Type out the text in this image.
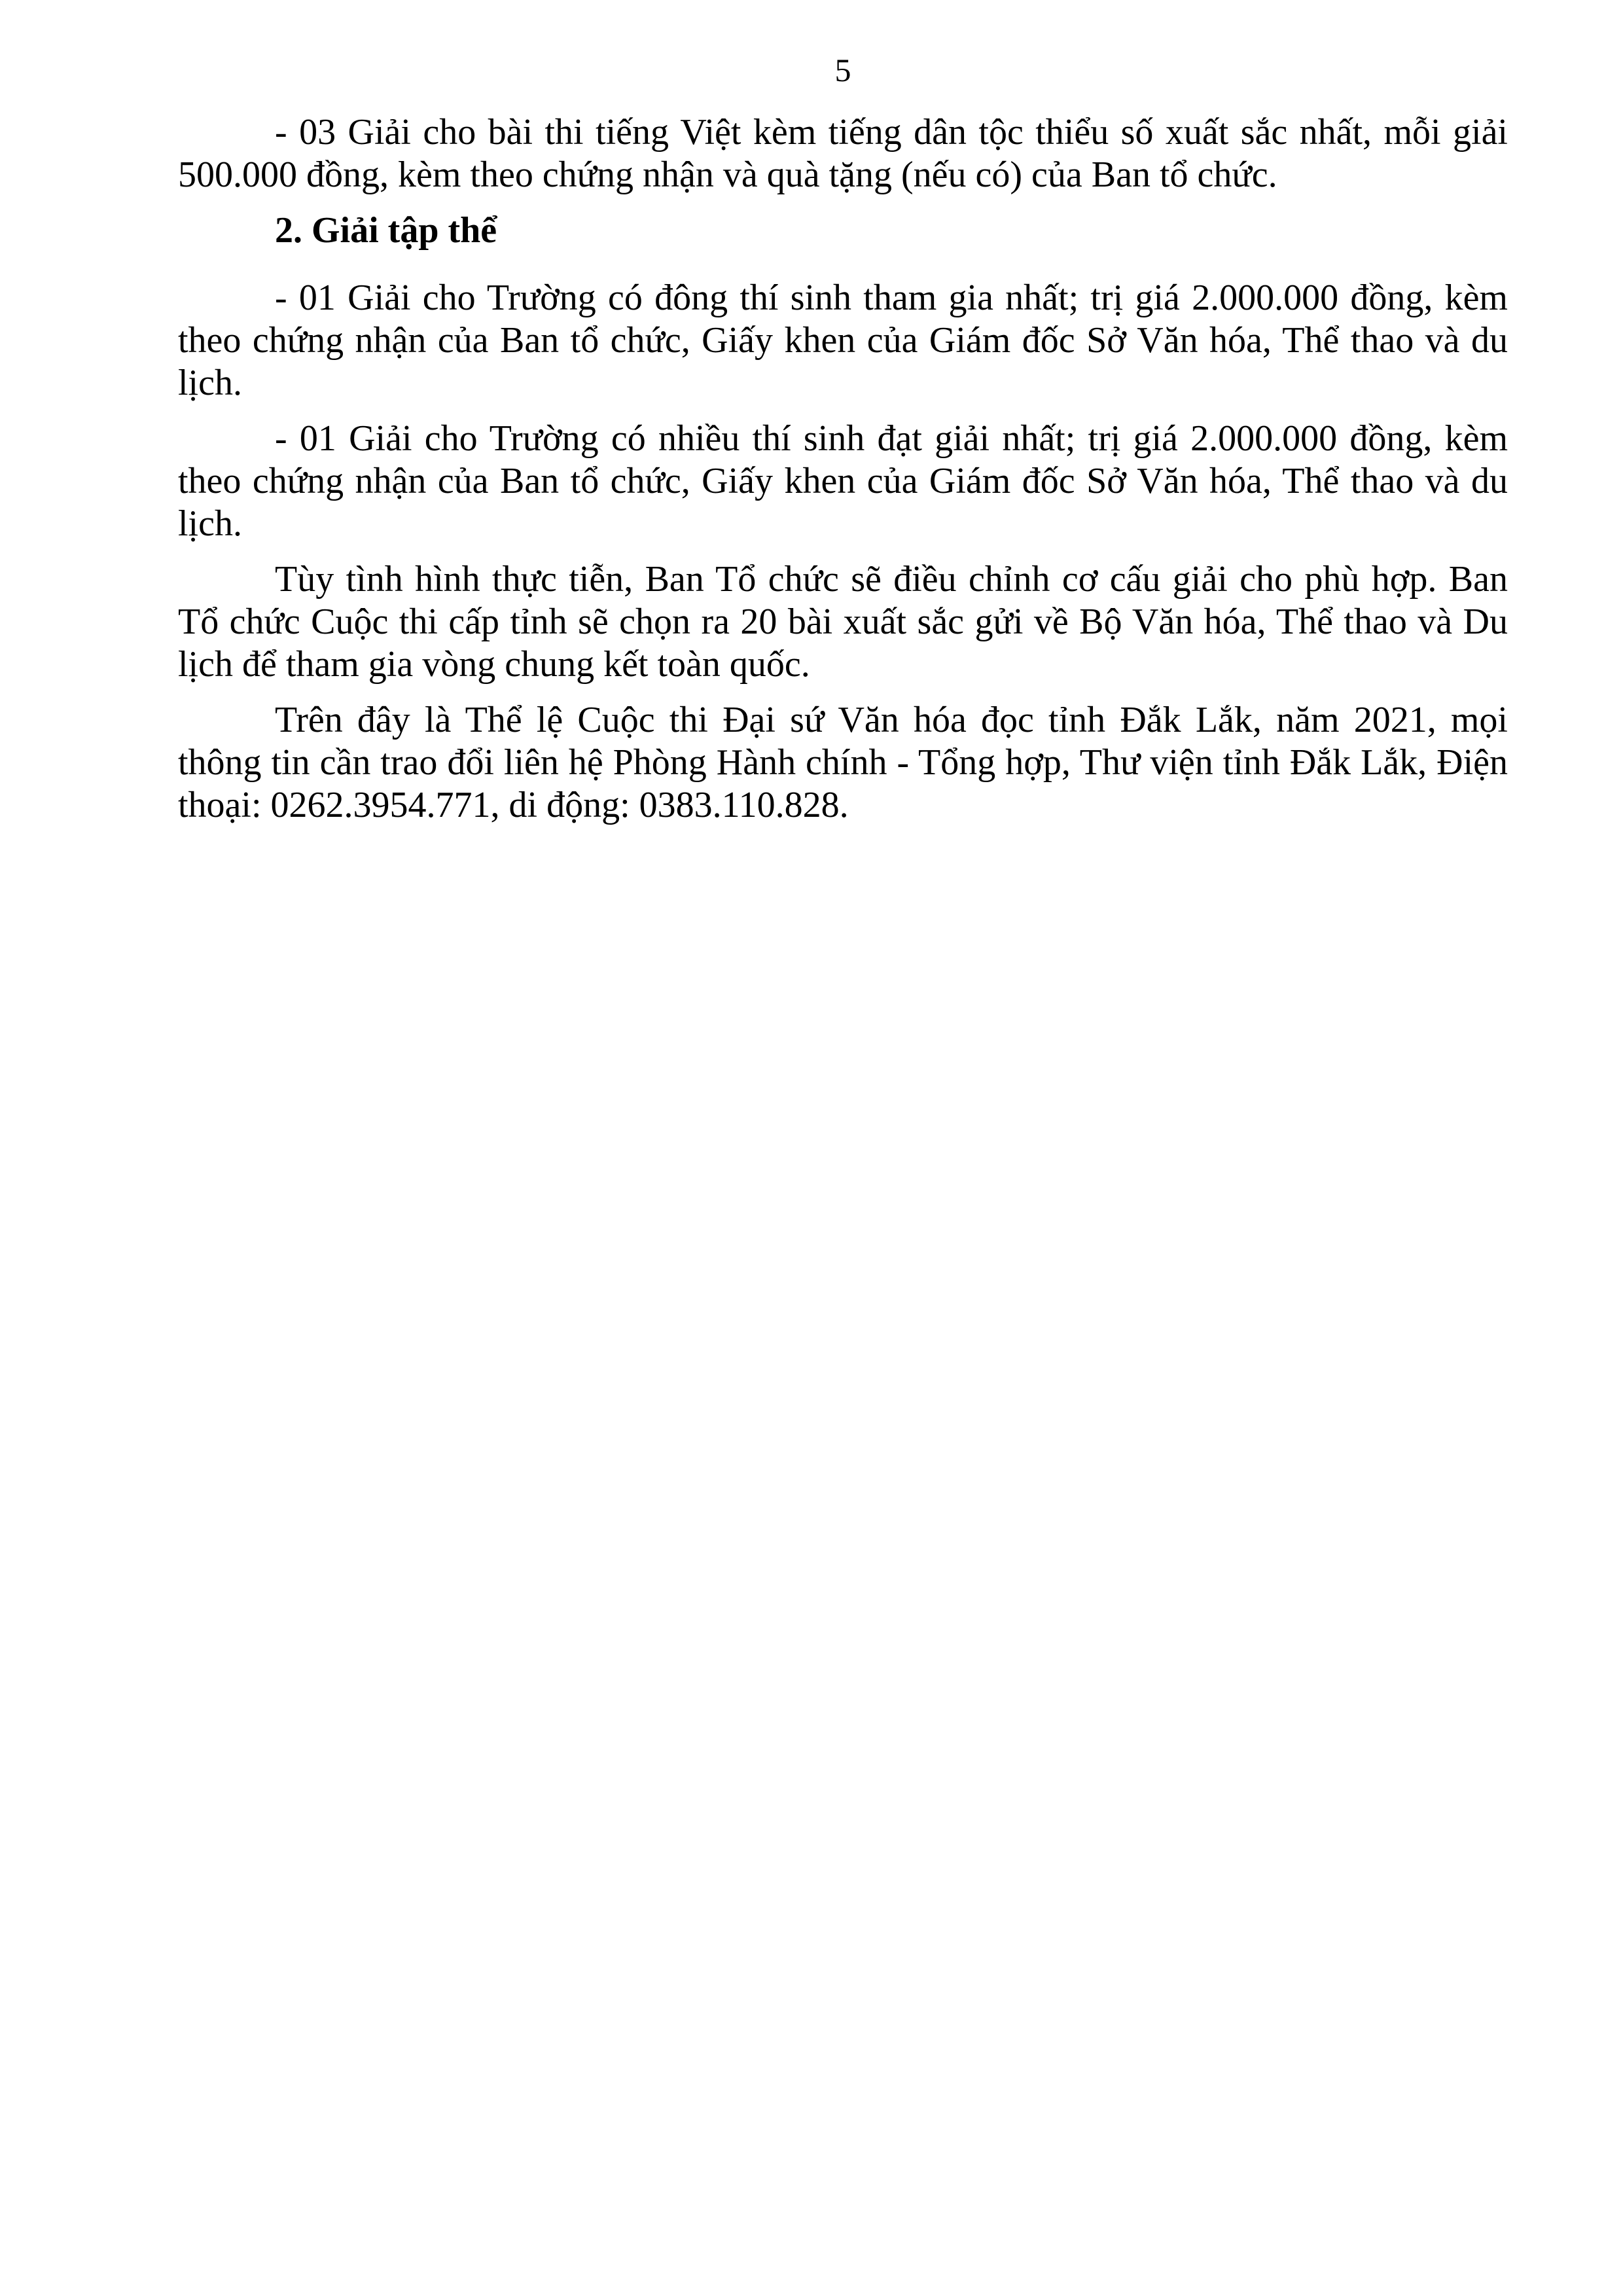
5

- 03 Giải cho bài thi tiếng Việt kèm tiếng dân tộc thiểu số xuất sắc nhất, mỗi giải 500.000 đồng, kèm theo chứng nhận và quà tặng (nếu có) của Ban tổ chức.

2. Giải tập thể

- 01 Giải cho Trường có đông thí sinh tham gia nhất; trị giá 2.000.000 đồng, kèm theo chứng nhận của Ban tổ chức, Giấy khen của Giám đốc Sở Văn hóa, Thể thao và du lịch.

- 01 Giải cho Trường có nhiều thí sinh đạt giải nhất; trị giá 2.000.000 đồng, kèm theo chứng nhận của Ban tổ chức, Giấy khen của Giám đốc Sở Văn hóa, Thể thao và du lịch.

Tùy tình hình thực tiễn, Ban Tổ chức sẽ điều chỉnh cơ cấu giải cho phù hợp. Ban Tổ chức Cuộc thi cấp tỉnh sẽ chọn ra 20 bài xuất sắc gửi về Bộ Văn hóa, Thể thao và Du lịch để tham gia vòng chung kết toàn quốc.

Trên đây là Thể lệ Cuộc thi Đại sứ Văn hóa đọc tỉnh Đắk Lắk, năm 2021, mọi thông tin cần trao đổi liên hệ Phòng Hành chính - Tổng hợp, Thư viện tỉnh Đắk Lắk, Điện thoại: 0262.3954.771, di động: 0383.110.828.
